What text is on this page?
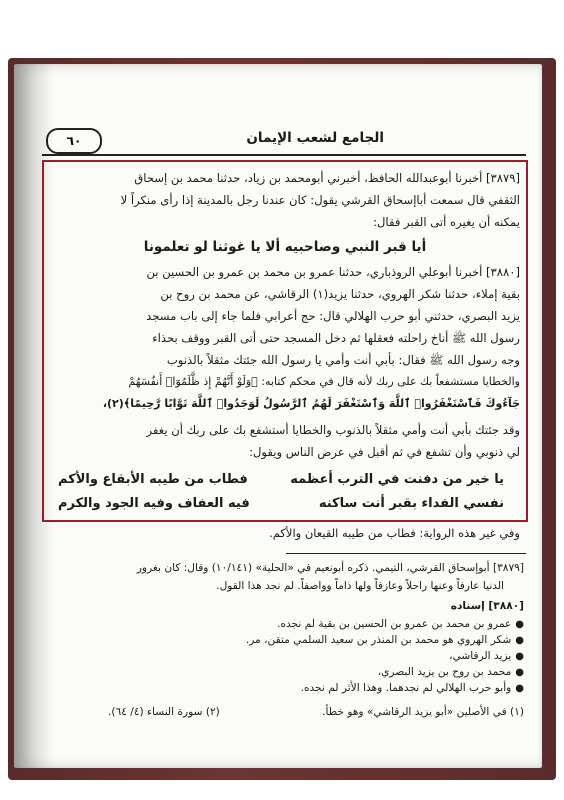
الجامع لشعب الإيمان
٦٠
[٣٨٧٩] أخبرنا أبوعبدالله الحافظ، أخبرني أبومحمد بن زياد، حدثنا محمد بن إسحاق
الثقفي قال سمعت أباإسحاق القرشي يقول: كان عندنا رجل بالمدينة إذا رأى منكراً لا
يمكنه أن يغيره أتى القبر فقال:
أيا قبر النبي وصاحبيه ألا يا غوثنا لو تعلمونا
[٣٨٨٠] أخبرنا أبوعلي الروذباري، حدثنا عمرو بن محمد بن عمرو بن الحسين بن
بقية إملاء، حدثنا شكر الهروي، حدثنا يزيد(١) الرقاشي، عن محمد بن روح بن
يزيد البصري، حدثني أبو حرب الهلالي قال: حج أعرابي فلما جاء إلى باب مسجد
رسول الله ﷺ أناخ راحلته فعقلها ثم دخل المسجد حتى أتى القبر ووقف بحذاء
وجه رسول الله ﷺ فقال: بأبي أنت وأمي يا رسول الله جئتك مثقلاً بالذنوب
والخطايا مستشفعاً بك على ربك لأنه قال في محكم كتابه: ﴿وَلَوْ أَنَّهُمْ إِذ ظَّلَمُوٓا۟ أَنفُسَهُمْ
جَآءُوكَ فَٱسْتَغْفَرُوا۟ ٱللَّهَ وَٱسْتَغْفَرَ لَهُمُ ٱلرَّسُولُ لَوَجَدُوا۟ ٱللَّهَ تَوَّابًا رَّحِيمًا﴾(٢)،
وقد جئتك بأبي أنت وأمي مثقلاً بالذنوب والخطايا أستشفع بك على ربك أن يغفر
لي ذنوبي وأن تشفع في ثم أقبل في عرض الناس ويقول:
يا خير من دفنت في الترب أعظمه
فطاب من طيبه الأبقاع والأكم
نفسي الفداء بقبر أنت ساكنه
فيه العفاف وفيه الجود والكرم
وفي غير هذه الرواية: فطاب من طيبه القيعان والأكم.
[٣٨٧٩] أبوإسحاق القرشي، التيمي. ذكره أبونعيم في «الحلية» (١٠/١٤١) وقال: كان بغرور
الدنيا عارفاً وعنها راحلاً وعازفاً ولها ذاماً وواصفاً. لم نجد هذا القول.
[٣٨٨٠] إسناده
●عمرو بن محمد بن عمرو بن الحسين بن بقية لم نجده.
●شكر الهروي هو محمد بن المنذر بن سعيد السلمي متقن، مر.
●يزيد الرقاشي،
●محمد بن روح بن يزيد البصري،
●وأبو حرب الهلالي لم نجدهما. وهذا الأثر لم نجده.
(١) في الأصلين «أبو يزيد الرقاشي» وهو خطأ.
(٢) سورة النساء (٤/ ٦٤).
